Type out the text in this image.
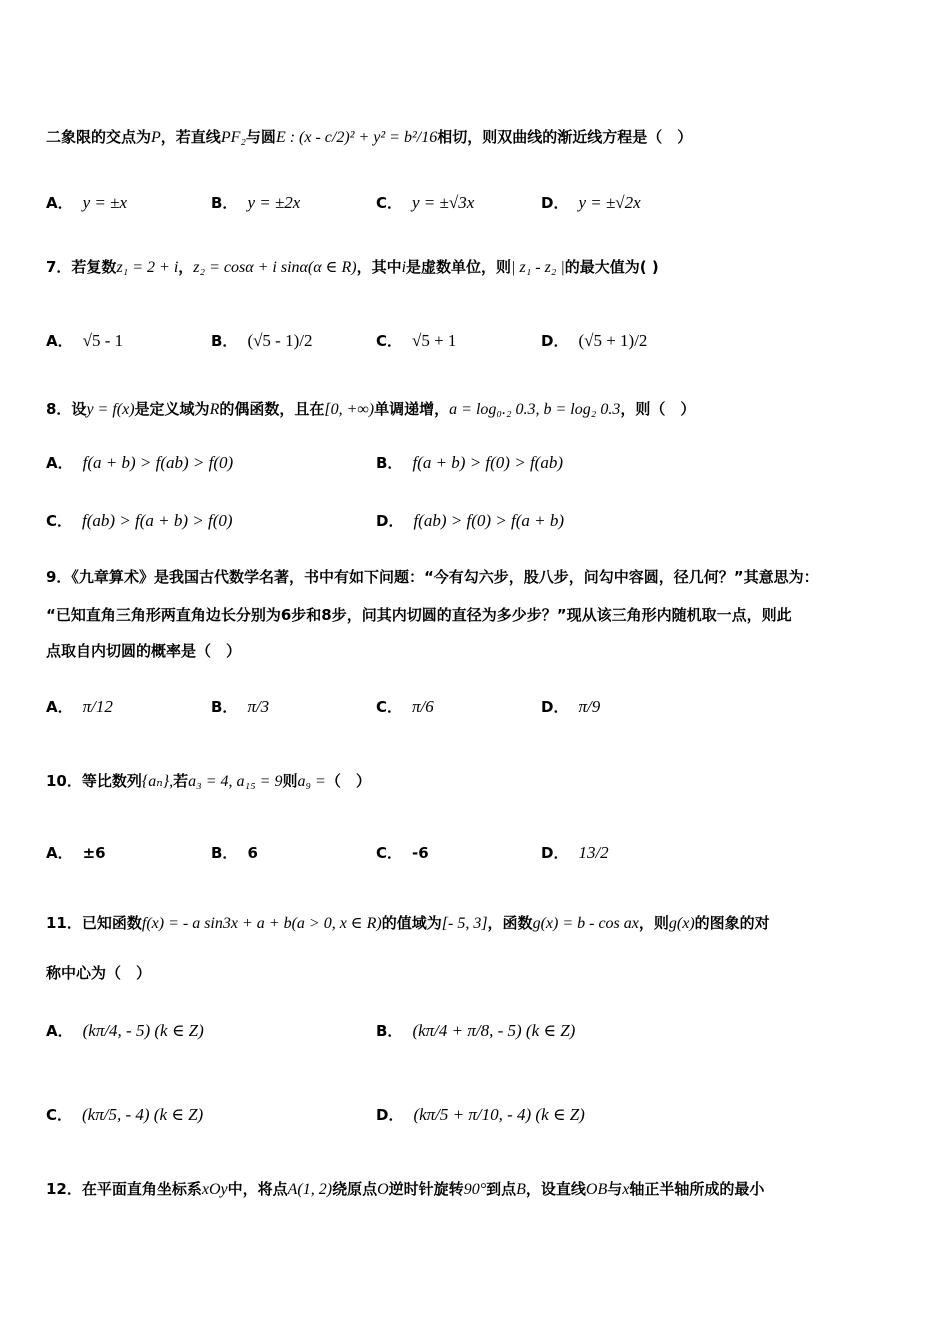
二象限的交点为P，若直线PF₂与圆E : (x - c/2)² + y² = b²/16相切，则双曲线的渐近线方程是（　）
A． y = ±x	B． y = ±2x	C． y = ±√3x	D． y = ±√2x
7．若复数z₁ = 2 + i，z₂ = cosα + i sinα(α ∈ R)，其中i是虚数单位，则| z₁ - z₂ |的最大值为( )
A． √5 - 1	B． (√5 - 1)/2	C． √5 + 1	D． (√5 + 1)/2
8．设y = f(x)是定义域为R的偶函数，且在[0, +∞)单调递增，a = log₀.₂ 0.3, b = log₂ 0.3，则（　）
A． f(a + b) > f(ab) > f(0)	B． f(a + b) > f(0) > f(ab)
C． f(ab) > f(a + b) > f(0)	D． f(ab) > f(0) > f(a + b)
9．《九章算术》是我国古代数学名著，书中有如下问题：“今有勾六步，股八步，问勾中容圆，径几何？”其意思为：
“已知直角三角形两直角边长分别为6步和8步，问其内切圆的直径为多少步？”现从该三角形内随机取一点，则此
点取自内切圆的概率是（　）
A． π/12	B． π/3	C． π/6	D． π/9
10．等比数列{aₙ},若a₃ = 4, a₁₅ = 9则a₉ =（　）
A． ±6	B． 6	C． -6	D． 13/2
11．已知函数f(x) = - a sin3x + a + b(a > 0, x ∈ R)的值域为[- 5, 3]，函数g(x) = b - cos ax，则g(x)的图象的对
称中心为（　）
A． (kπ/4, - 5) (k ∈ Z)	B． (kπ/4 + π/8, - 5) (k ∈ Z)
C． (kπ/5, - 4) (k ∈ Z)	D． (kπ/5 + π/10, - 4) (k ∈ Z)
12．在平面直角坐标系xOy中，将点A(1, 2)绕原点O逆时针旋转90°到点B，设直线OB与x轴正半轴所成的最小
